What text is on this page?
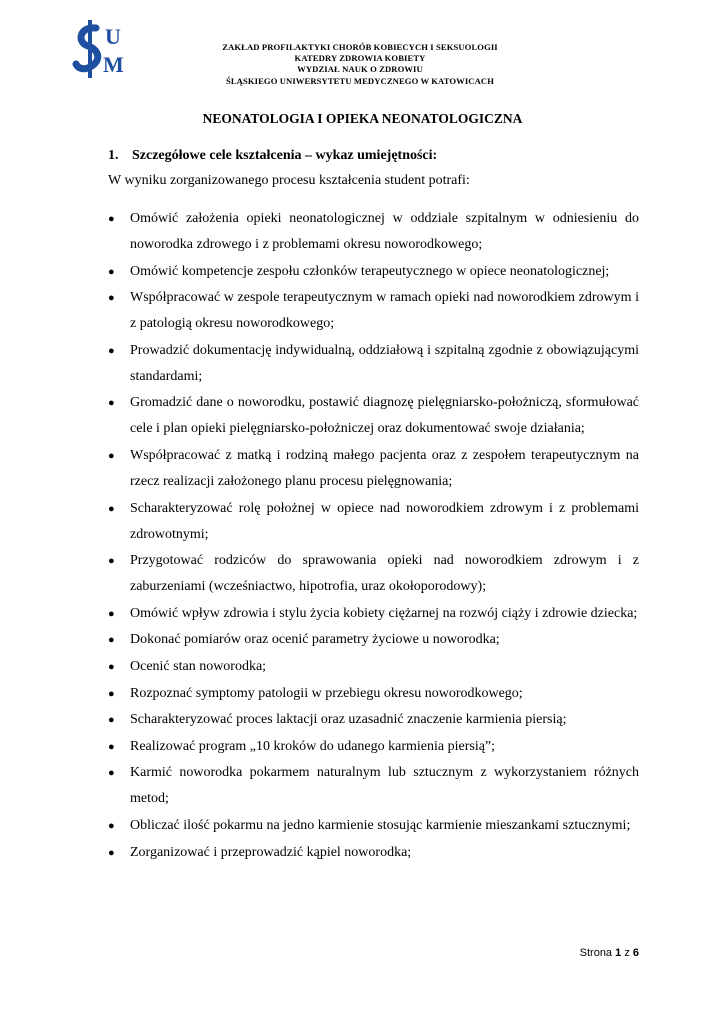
U
M
ZAKŁAD PROFILAKTYKI CHORÓB KOBIECYCH I SEKSUOLOGII
KATEDRY ZDROWIA KOBIETY
WYDZIAŁ NAUK O ZDROWIU
ŚLĄSKIEGO UNIWERSYTETU MEDYCZNEGO W KATOWICACH
NEONATOLOGIA I OPIEKA NEONATOLOGICZNA
1. Szczegółowe cele kształcenia – wykaz umiejętności:

W wyniku zorganizowanego procesu kształcenia student potrafi:

● Omówić założenia opieki neonatologicznej w oddziale szpitalnym w odniesieniu do noworodka zdrowego i z problemami okresu noworodkowego;
● Omówić kompetencje zespołu członków terapeutycznego w opiece neonatologicznej;
● Współpracować w zespole terapeutycznym w ramach opieki nad noworodkiem zdrowym i z patologią okresu noworodkowego;
● Prowadzić dokumentację indywidualną, oddziałową i szpitalną zgodnie z obowiązującymi standardami;
● Gromadzić dane o noworodku, postawić diagnozę pielęgniarsko-położniczą, sformułować cele i plan opieki pielęgniarsko-położniczej oraz dokumentować swoje działania;
● Współpracować z matką i rodziną małego pacjenta oraz z zespołem terapeutycznym na rzecz realizacji założonego planu procesu pielęgnowania;
● Scharakteryzować rolę położnej w opiece nad noworodkiem zdrowym i z problemami zdrowotnymi;
● Przygotować rodziców do sprawowania opieki nad noworodkiem zdrowym i z zaburzeniami (wcześniactwo, hipotrofia, uraz okołoporodowy);
● Omówić wpływ zdrowia i stylu życia kobiety ciężarnej na rozwój ciąży i zdrowie dziecka;
● Dokonać pomiarów oraz ocenić parametry życiowe u noworodka;
● Ocenić stan noworodka;
● Rozpoznać symptomy patologii w przebiegu okresu noworodkowego;
● Scharakteryzować proces laktacji oraz uzasadnić znaczenie karmienia piersią;
● Realizować program „10 kroków do udanego karmienia piersią”;
● Karmić noworodka pokarmem naturalnym lub sztucznym z wykorzystaniem różnych metod;
● Obliczać ilość pokarmu na jedno karmienie stosując karmienie mieszankami sztucznymi;
● Zorganizować i przeprowadzić kąpiel noworodka;
Strona 1 z 6
